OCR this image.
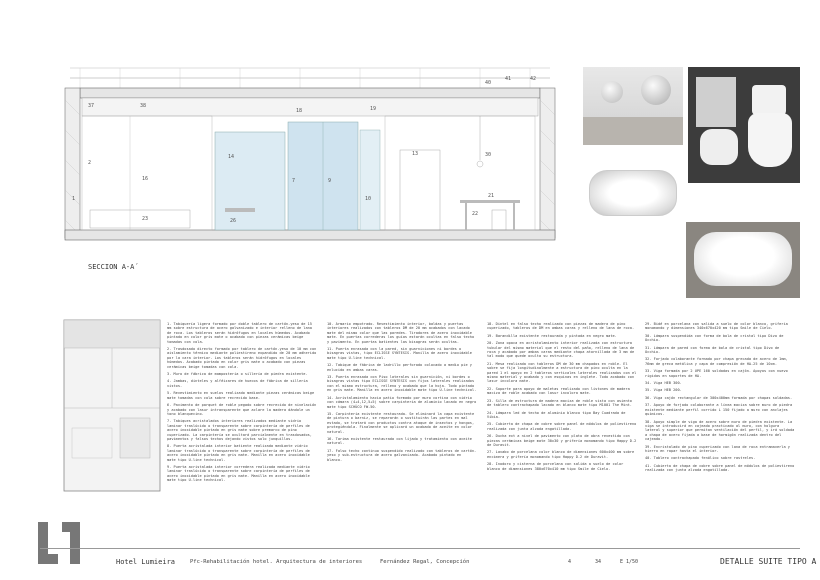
37	38
18	19
40
41	42
1
2
16
14
7	9
13	30
21
23	26
10
22
SECCION A-A´
1. Tabiquería ligera formado por doble tablero de cartón-yeso de 15 mm sobre estructura de acero galvanizado e interior relleno de lana de roca. Los tableros serán hidrófugos en locales húmedos. Acabado pintado en color gris mate o acabado con piezas cerámicas beige tomadas con cola.
2. Trasdosado directo formado por tablero de cartón-yeso de 10 mm con aislamiento térmico mediante poliestireno expandido de 20 mm adherido por la cara interior. Los tableros serán hidrófugos en locales húmedos. Acabado pintado en color gris mate o acabado con piezas cerámicas beige tomadas con cola.
3. Muro de fábrica de mampostería o sillería de piedra existente.
4. Jambas, dinteles y alféizares de huecos de fábrica de sillería vistos.
5. Revestimiento en suelos realizado mediante piezas cerámicas beige mate tomadas con cola sobre recrecido base.
6. Pavimento de parquet de roble pegado sobre recrecido de nivelación y acabado con lasur intransparente que aclare la madera dándole un tono blanquecino.
7. Tabiques acristalados interiores realizados mediante vidrio laminar traslúcido o transparente sobre carpintería de perfiles de acero inoxidable pintado en gris mate sobre premarco de pino cuperizado. La carpintería se ocultará parcialmente en trasdosados, pavimentos y falsos techos dejando vistos solo junquillos.
8. Puerta acristalada interior batiente realizada mediante vidrio laminar traslúcido o transparente sobre carpintería de perfiles de acero inoxidable pintado en gris mate. Manilla en acero inoxidable mate tipo U-line technical.
9. Puerta acristalada interior corredera realizada mediante vidrio laminar traslúcido o transparente sobre carpintería de perfiles de acero inoxidable pintado en gris mate. Manilla en acero inoxidable mate tipo U-line technical.
10. Armario empotrado. Revestimiento interior, baldas y puertas interiores realizados con tableros DM de 20 mm acabados con lacado mate del mismo color que las paredes. Tiradores de acero inoxidable mate. En puertas correderas los guías estarán ocultas en falso techo y pavimento. En puertas batientes las bisagras serán ocultas.
11. Puerta enrasada con la pared, sin guarniciones ni bordes o bisagras vistas, tipo ECLISSE SYNTESIS. Manilla de acero inoxidable mate tipo U-line technical.
12. Tabique de fábrica de ladrillo perforado colocado a medio pie y enlucido en ambas caras.
13. Puerta enrasada con Piso laterales sin guarnición, ni bordes o bisagras vistas tipo ECLISSE SYNTESIS con fijos laterales realizados con el mismo estructura, relleno y acabado que la hoja. Todo pintado en gris mate. Manilla en acero inoxidable mate tipo U-line technical.
14. Acristalamiento hacia patio formado por muro cortina con vidrio con cámara (4+4,12,5+5) sobre carpintería de aluminio lacado en negro mate tipo SCHÜCO FW-50.
15. Carpintería existente restaurada. Se eliminará la capa existente de pintura o barniz, se repararán o sustituirán las partes en mal estado, se tratará con productos contra ataque de insectos y hongos, protegiéndola. Finalmente se aplicará un acabado de aceite en color natural.
16. Tarima existente restaurada con lijado y tratamiento con aceite natural.
17. Falso techo continuo suspendido realizado con tableros de cartón-yeso y sub-estructura de acero galvanizado. Acabado pintado en blanco.
18. Dintel en falso techo realizado con piezas de madera de pino cuperizado, tableros de DM en ambas caras y relleno de lana de roca.
19. Barandilla existente restaurada y pintada en negro mate.
20. Zona opaca en acristalamiento interior realizada con estructura tubular del mismo material que el resto del paño, relleno de lana de roca y acabado por ambas caras mediante chapa atornillada de 3 mm de tal modo que quede oculta su estructura.
21. Mesa realizada con tableros DM de 30 mm chapados en roble. El sobre se fija longitudinalmente a estructura de pino oculta en la pared 1 el apoyo en 2 tableros verticales laterales realizados con el mismo material y acabado y con esquinas en inglete. Todo acabado con lasur incolora mate.
22. Soporte para apoyo de maletas realizado con listones de madera maciza de roble acabado con lasur incolora mate.
23. Silla de estructura de madera maciza de roble vista con asiento de tablero contrachapado lacado en blanco mate tipo M1001 The Mint.
24. Lámpara led de techo de aluminio blanco tipo Bay Cuadrada de Vibia.
25. Cubierta de chapa de cobre sobre panel de módulos de poliestireno realizada con junta alzada engatillada.
26. Ducha ext a nivel de pavimento con plato de obra revestido con piezas cerámicas beige mate 30x30 y grifería monomando tipo Happy D.2 de Duravit.
27. Lavabo de porcelana color blanco de dimensiones 600x400 mm sobre encimera y grifería monomando tipo Happy D.2 de Duravit.
28. Inodoro y cisterna de porcelana con salida a suelo de color blanco de dimensiones 380x670x410 mm tipo Smile de Cielo.
29. Bidé en porcelana con salida a suelo de color blanco, grifería monomando y dimensiones 340x670x420 mm tipo Smile de Cielo.
30. Lámpara suspendida con forma de bola de cristal tipo Divo de Occhio.
31. Lámpara de pared con forma de bola de cristal tipo Divo de Occhio.
32. Forjado colaborante formado por chapa grecada de acero de 1mm, 76mm de greca metálica y capa de compresión de HA-25 de 10cm.
33. Viga formada por 2 UPE 160 soldadas en cajón. Apoyos con nuevo rigidas en soportes de HA.
34. Viga HEB 300.
35. Viga HEB 200.
36. Viga cajón rectangular de 300x400mm formada por chapas soldadas.
37. Apoyo de forjado colaborante a línea maciza sobre muro de piedra existente mediante perfil corrido L 150 fijado a muro con anclajes químicos.
38. Apoyo simple de viga de acero sobre muro de piedra existente. La viga se introducirá en cajeado practicado al muro, con holgura lateral y superior que permitan ventilación del perfil, y irá soldada a chapa de acero fijada a base de hormigón realizada dentro del cajeado.
39. Encristalado de pino cuperizado con lana de roca entramaverla y hierro en rapar hasta el interior.
40. Tablero contrachapado fenólico sobre rastreles.
41. Cubierta de chapa de cobre sobre panel de módulos de poliestireno realizada con junta alzada engatillada.
Hotel Lumieira	Pfc-Rehabilitación hotel. Arquitectura de interiores	Fernández Regal, Concepción	4	34	E 1/50	DETALLE SUITE TIPO A
